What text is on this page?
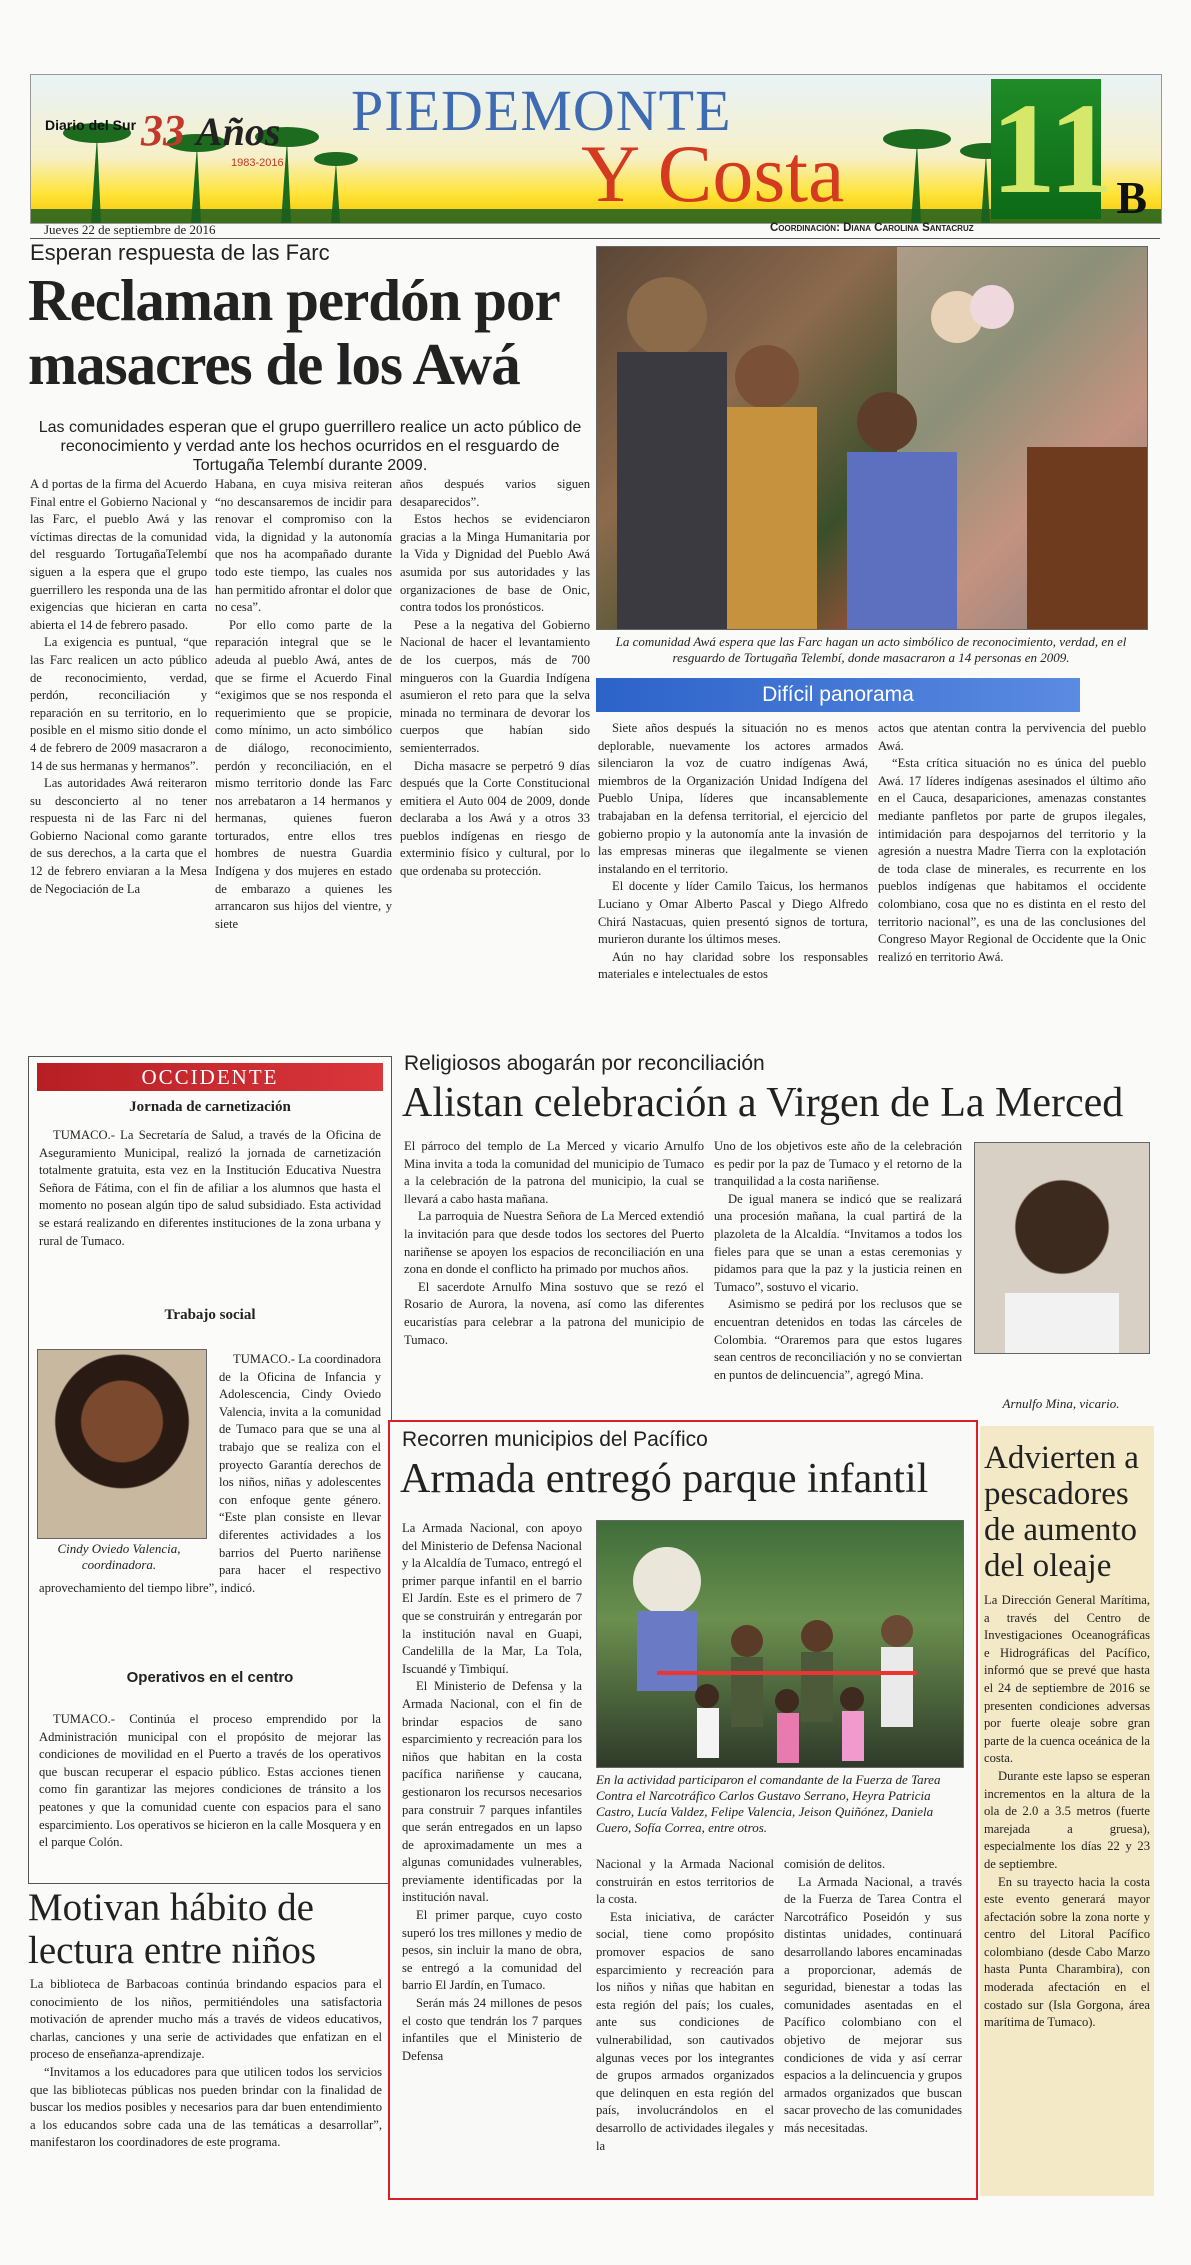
Diario del Sur 33 Años
1983-2016
PIEDEMONTE
Y Costa 11 B
Jueves 22 de septiembre de 2016	Coordinación: Diana Carolina Santacruz
Esperan respuesta de las Farc
Reclaman perdón por masacres de los Awá
Las comunidades esperan que el grupo guerrillero realice un acto público de reconocimiento y verdad ante los hechos ocurridos en el resguardo de Tortugaña Telembí durante 2009.

A d portas de la firma del Acuerdo Final entre el Gobierno Nacional y las Farc, el pueblo Awá y las víctimas directas de la comunidad del resguardo TortugañaTelembí siguen a la espera que el grupo guerrillero les responda una de las exigencias que hicieran en carta abierta el 14 de febrero pasado.

La exigencia es puntual, “que las Farc realicen un acto público de reconocimiento, verdad, perdón, reconciliación y reparación en su territorio, en lo posible en el mismo sitio donde el 4 de febrero de 2009 masacraron a 14 de sus hermanas y hermanos”.

Las autoridades Awá reiteraron su desconcierto al no tener respuesta ni de las Farc ni del Gobierno Nacional como garante de sus derechos, a la carta que el 12 de febrero enviaran a la Mesa de Negociación de La

Habana, en cuya misiva reiteran “no descansaremos de incidir para renovar el compromiso con la vida, la dignidad y la autonomía que nos ha acompañado durante todo este tiempo, las cuales nos han permitido afrontar el dolor que no cesa”.

Por ello como parte de la reparación integral que se le adeuda al pueblo Awá, antes de que se firme el Acuerdo Final “exigimos que se nos responda el requerimiento que se propicie, como mínimo, un acto simbólico de diálogo, reconocimiento, perdón y reconciliación, en el mismo territorio donde las Farc nos arrebataron a 14 hermanos y hermanas, quienes fueron torturados, entre ellos tres hombres de nuestra Guardia Indígena y dos mujeres en estado de embarazo a quienes les arrancaron sus hijos del vientre, y siete

años después varios siguen desaparecidos”.

Estos hechos se evidenciaron gracias a la Minga Humanitaria por la Vida y Dignidad del Pueblo Awá asumida por sus autoridades y las organizaciones de base de Onic, contra todos los pronósticos.

Pese a la negativa del Gobierno Nacional de hacer el levantamiento de los cuerpos, más de 700 mingueros con la Guardia Indígena asumieron el reto para que la selva minada no terminara de devorar los cuerpos que habían sido semienterrados.

Dicha masacre se perpetró 9 días después que la Corte Constitucional emitiera el Auto 004 de 2009, donde declaraba a los Awá y a otros 33 pueblos indígenas en riesgo de exterminio físico y cultural, por lo que ordenaba su protección.

La comunidad Awá espera que las Farc hagan un acto simbólico de reconocimiento, verdad, en el resguardo de Tortugaña Telembí, donde masacraron a 14 personas en 2009.
Difícil panorama

Siete años después la situación no es menos deplorable, nuevamente los actores armados silenciaron la voz de cuatro indígenas Awá, miembros de la Organización Unidad Indígena del Pueblo Unipa, líderes que incansablemente trabajaban en la defensa territorial, el ejercicio del gobierno propio y la autonomía ante la invasión de las empresas mineras que ilegalmente se vienen instalando en el territorio.

El docente y líder Camilo Taicus, los hermanos Luciano y Omar Alberto Pascal y Diego Alfredo Chirá Nastacuas, quien presentó signos de tortura, murieron durante los últimos meses.

Aún no hay claridad sobre los responsables materiales e intelectuales de estos

actos que atentan contra la pervivencia del pueblo Awá.

“Esta crítica situación no es única del pueblo Awá. 17 líderes indígenas asesinados el último año en el Cauca, desapariciones, amenazas constantes mediante panfletos por parte de grupos ilegales, intimidación para despojarnos del territorio y la agresión a nuestra Madre Tierra con la explotación de toda clase de minerales, es recurrente en los pueblos indígenas que habitamos el occidente colombiano, cosa que no es distinta en el resto del territorio nacional”, es una de las conclusiones del Congreso Mayor Regional de Occidente que la Onic realizó en territorio Awá.

OCCIDENTE
Jornada de carnetización

TUMACO.- La Secretaría de Salud, a través de la Oficina de Aseguramiento Municipal, realizó la jornada de carnetización totalmente gratuita, esta vez en la Institución Educativa Nuestra Señora de Fátima, con el fin de afiliar a los alumnos que hasta el momento no posean algún tipo de salud subsidiado. Esta actividad se estará realizando en diferentes instituciones de la zona urbana y rural de Tumaco.

Trabajo social
Cindy Oviedo Valencia, coordinadora.

TUMACO.- La coordinadora de la Oficina de Infancia y Adolescencia, Cindy Oviedo Valencia, invita a la comunidad de Tumaco para que se una al trabajo que se realiza con el proyecto Garantía derechos de los niños, niñas y adolescentes con enfoque gente género. “Este plan consiste en llevar diferentes actividades a los barrios del Puerto nariñense para hacer el respectivo aprovechamiento del tiempo libre”, indicó.

Operativos en el centro

TUMACO.- Continúa el proceso emprendido por la Administración municipal con el propósito de mejorar las condiciones de movilidad en el Puerto a través de los operativos que buscan recuperar el espacio público. Estas acciones tienen como fin garantizar las mejores condiciones de tránsito a los peatones y que la comunidad cuente con espacios para el sano esparcimiento. Los operativos se hicieron en la calle Mosquera y en el parque Colón.

Religiosos abogarán por reconciliación
Alistan celebración a Virgen de La Merced

El párroco del templo de La Merced y vicario Arnulfo Mina invita a toda la comunidad del municipio de Tumaco a la celebración de la patrona del municipio, la cual se llevará a cabo hasta mañana.

La parroquia de Nuestra Señora de La Merced extendió la invitación para que desde todos los sectores del Puerto nariñense se apoyen los espacios de reconciliación en una zona en donde el conflicto ha primado por muchos años.

El sacerdote Arnulfo Mina sostuvo que se rezó el Rosario de Aurora, la novena, así como las diferentes eucaristías para celebrar a la patrona del municipio de Tumaco.

Uno de los objetivos este año de la celebración es pedir por la paz de Tumaco y el retorno de la tranquilidad a la costa nariñense.

De igual manera se indicó que se realizará una procesión mañana, la cual partirá de la plazoleta de la Alcaldía. “Invitamos a todos los fieles para que se unan a estas ceremonias y pidamos para que la paz y la justicia reinen en Tumaco”, sostuvo el vicario.

Asimismo se pedirá por los reclusos que se encuentran detenidos en todas las cárceles de Colombia. “Oraremos para que estos lugares sean centros de reconciliación y no se conviertan en puntos de delincuencia”, agregó Mina.

Arnulfo Mina, vicario.
Recorren municipios del Pacífico
Armada entregó parque infantil

La Armada Nacional, con apoyo del Ministerio de Defensa Nacional y la Alcaldía de Tumaco, entregó el primer parque infantil en el barrio El Jardín. Este es el primero de 7 que se construirán y entregarán por la institución naval en Guapi, Candelilla de la Mar, La Tola, Iscuandé y Timbiquí.

El Ministerio de Defensa y la Armada Nacional, con el fin de brindar espacios de sano esparcimiento y recreación para los niños que habitan en la costa pacífica nariñense y caucana, gestionaron los recursos necesarios para construir 7 parques infantiles que serán entregados en un lapso de aproximadamente un mes a algunas comunidades vulnerables, previamente identificadas por la institución naval.

El primer parque, cuyo costo superó los tres millones y medio de pesos, sin incluir la mano de obra, se entregó a la comunidad del barrio El Jardín, en Tumaco.

Serán más 24 millones de pesos el costo que tendrán los 7 parques infantiles que el Ministerio de Defensa

En la actividad participaron el comandante de la Fuerza de Tarea Contra el Narcotráfico Carlos Gustavo Serrano, Heyra Patricia Castro, Lucía Valdez, Felipe Valencia, Jeison Quiñónez, Daniela Cuero, Sofía Correa, entre otros.

Nacional y la Armada Nacional construirán en estos territorios de la costa.

Esta iniciativa, de carácter social, tiene como propósito promover espacios de sano esparcimiento y recreación para los niños y niñas que habitan en esta región del país; los cuales, ante sus condiciones de vulnerabilidad, son cautivados algunas veces por los integrantes de grupos armados organizados que delinquen en esta región del país, involucrándolos en el desarrollo de actividades ilegales y la

comisión de delitos.

La Armada Nacional, a través de la Fuerza de Tarea Contra el Narcotráfico Poseidón y sus distintas unidades, continuará desarrollando labores encaminadas a proporcionar, además de seguridad, bienestar a todas las comunidades asentadas en el Pacífico colombiano con el objetivo de mejorar sus condiciones de vida y así cerrar espacios a la delincuencia y grupos armados organizados que buscan sacar provecho de las comunidades más necesitadas.

Advierten a pescadores de aumento del oleaje

La Dirección General Marítima, a través del Centro de Investigaciones Oceanográficas e Hidrográficas del Pacífico, informó que se prevé que hasta el 24 de septiembre de 2016 se presenten condiciones adversas por fuerte oleaje sobre gran parte de la cuenca oceánica de la costa.

Durante este lapso se esperan incrementos en la altura de la ola de 2.0 a 3.5 metros (fuerte marejada a gruesa), especialmente los días 22 y 23 de septiembre.

En su trayecto hacia la costa este evento generará mayor afectación sobre la zona norte y centro del Litoral Pacífico colombiano (desde Cabo Marzo hasta Punta Charambira), con moderada afectación en el costado sur (Isla Gorgona, área marítima de Tumaco).

Motivan hábito de lectura entre niños

La biblioteca de Barbacoas continúa brindando espacios para el conocimiento de los niños, permitiéndoles una satisfactoria motivación de aprender mucho más a través de videos educativos, charlas, canciones y una serie de actividades que enfatizan en el proceso de enseñanza-aprendizaje.

“Invitamos a los educadores para que utilicen todos los servicios que las bibliotecas públicas nos pueden brindar con la finalidad de buscar los medios posibles y necesarios para dar buen entendimiento a los educandos sobre cada una de las temáticas a desarrollar”, manifestaron los coordinadores de este programa.
